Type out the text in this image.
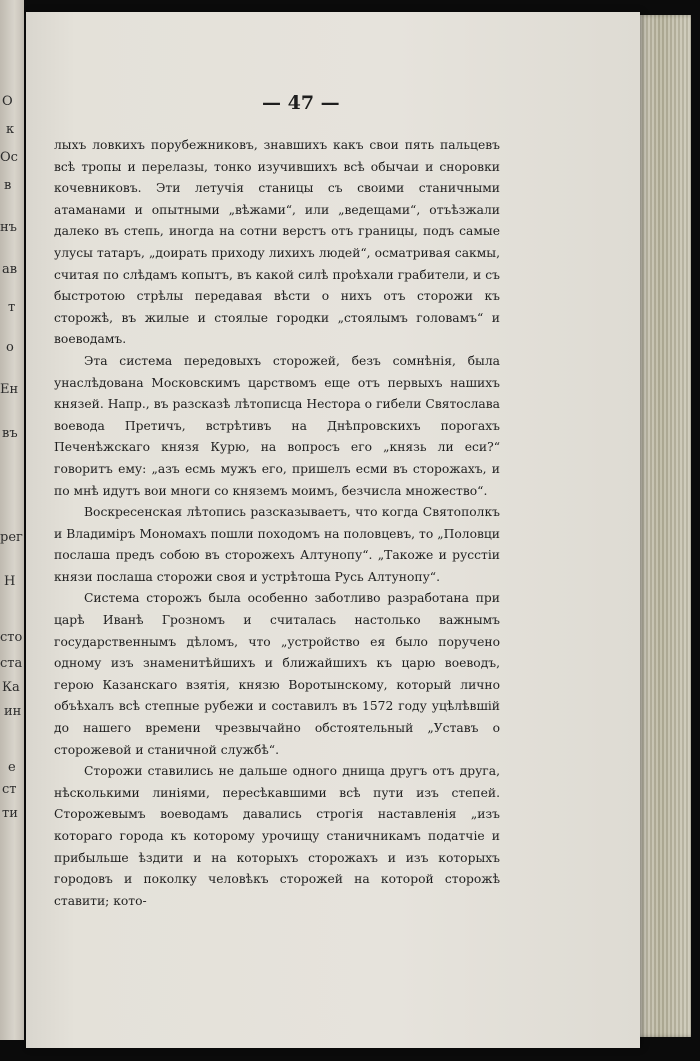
О
к
Ос
в
нъ
ав
т
о
Ен
въ
рег
Н
сто
ста
Ка
ин
е
ст
ти
— 47 —

лыхъ ловкихъ порубежниковъ, знавшихъ какъ свои пять пальцевъ всѣ тропы и перелазы, тонко изучившихъ всѣ обычаи и сноровки кочевниковъ. Эти летучія станицы съ своими станичными атаманами и опытными „вѣжами“, или „ведещами“, отъѣзжали далеко въ степь, иногда на сотни верстъ отъ границы, подъ самые улусы татаръ, „доирать приходу лихихъ людей“, осматривая сакмы, считая по слѣдамъ копытъ, въ какой силѣ проѣхали грабители, и съ быстротою стрѣлы передавая вѣсти о нихъ отъ сторожи къ сторожѣ, въ жилые и стоялые городки „стоялымъ головамъ“ и воеводамъ.

Эта система передовыхъ сторожей, безъ сомнѣнія, была унаслѣдована Московскимъ царствомъ еще отъ первыхъ нашихъ князей. Напр., въ разсказѣ лѣтописца Нестора о гибели Святослава воевода Претичъ, встрѣтивъ на Днѣпровскихъ порогахъ Печенѣжскаго князя Курю, на вопросъ его „князь ли еси?“ говоритъ ему: „азъ есмь мужъ его, пришелъ есми въ сторожахъ, и по мнѣ идутъ вои многи со княземъ моимъ, безчисла множество“.

Воскресенская лѣтопись разсказываетъ, что когда Святополкъ и Владиміръ Мономахъ пошли походомъ на половцевъ, то „Половци послаша предъ собою въ сторожехъ Алтунопу“. „Такоже и русстіи князи послаша сторожи своя и устрѣтоша Русь Алтунопу“.

Система сторожъ была особенно заботливо разработана при царѣ Иванѣ Грозномъ и считалась настолько важнымъ государственнымъ дѣломъ, что „устройство ея было поручено одному изъ знаменитѣйшихъ и ближайшихъ къ царю воеводъ, герою Казанскаго взятія, князю Воротынскому, который лично объѣхалъ всѣ степные рубежи и составилъ въ 1572 году уцѣлѣвшій до нашего времени чрезвычайно обстоятельный „Уставъ о сторожевой и станичной службѣ“.

Сторожи ставились не дальше одного днища другъ отъ друга, нѣсколькими линіями, пересѣкавшими всѣ пути изъ степей. Сторожевымъ воеводамъ давались строгія наставленія „изъ котораго города къ которому урочищу станичникамъ податчіе и прибыльше ѣздити и на которыхъ сторожахъ и изъ которыхъ городовъ и поколку человѣкъ сторожей на которой сторожѣ ставити; кото-
